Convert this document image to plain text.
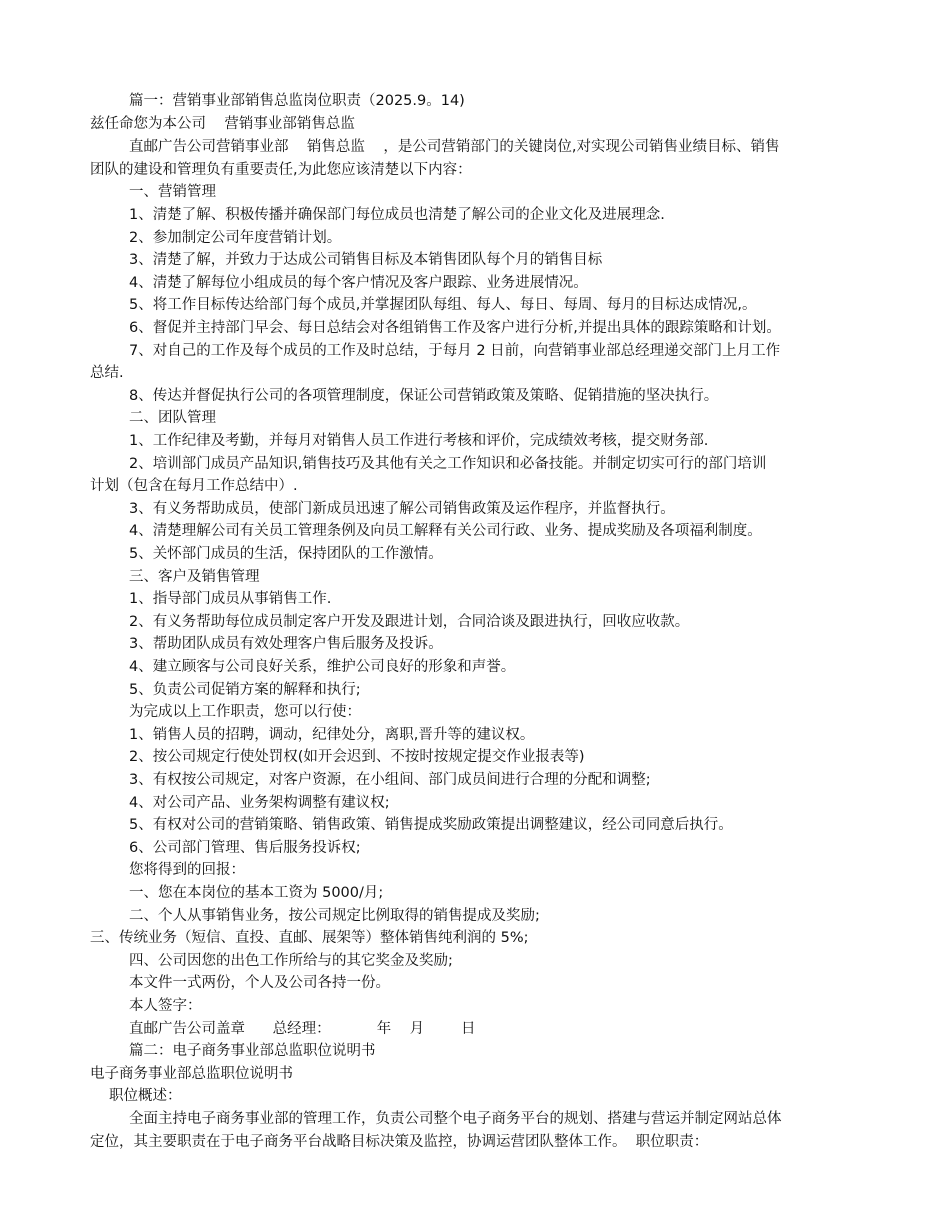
篇一：营销事业部销售总监岗位职责（2025.9。14)
兹任命您为本公司    营销事业部销售总监
直邮广告公司营销事业部    销售总监    ，是公司营销部门的关键岗位,对实现公司销售业绩目标、销售
团队的建设和管理负有重要责任,为此您应该清楚以下内容：
一、营销管理
1、清楚了解、积极传播并确保部门每位成员也清楚了解公司的企业文化及进展理念.
2、参加制定公司年度营销计划。
3、清楚了解，并致力于达成公司销售目标及本销售团队每个月的销售目标
4、清楚了解每位小组成员的每个客户情况及客户跟踪、业务进展情况。
5、将工作目标传达给部门每个成员,并掌握团队每组、每人、每日、每周、每月的目标达成情况,。
6、督促并主持部门早会、每日总结会对各组销售工作及客户进行分析,并提出具体的跟踪策略和计划。
7、对自己的工作及每个成员的工作及时总结，于每月 2 日前，向营销事业部总经理递交部门上月工作
总结.
8、传达并督促执行公司的各项管理制度，保证公司营销政策及策略、促销措施的坚决执行。
二、团队管理
1、工作纪律及考勤，并每月对销售人员工作进行考核和评价，完成绩效考核，提交财务部.
2、培训部门成员产品知识,销售技巧及其他有关之工作知识和必备技能。并制定切实可行的部门培训
计划（包含在每月工作总结中）.
3、有义务帮助成员，使部门新成员迅速了解公司销售政策及运作程序，并监督执行。
4、清楚理解公司有关员工管理条例及向员工解释有关公司行政、业务、提成奖励及各项福利制度。
5、关怀部门成员的生活，保持团队的工作激情。
三、客户及销售管理
1、指导部门成员从事销售工作.
2、有义务帮助每位成员制定客户开发及跟进计划，合同洽谈及跟进执行，回收应收款。
3、帮助团队成员有效处理客户售后服务及投诉。
4、建立顾客与公司良好关系，维护公司良好的形象和声誉。
5、负责公司促销方案的解释和执行;
为完成以上工作职责，您可以行使：
1、销售人员的招聘，调动，纪律处分，离职,晋升等的建议权。
2、按公司规定行使处罚权(如开会迟到、不按时按规定提交作业报表等)
3、有权按公司规定，对客户资源，在小组间、部门成员间进行合理的分配和调整;
4、对公司产品、业务架构调整有建议权;
5、有权对公司的营销策略、销售政策、销售提成奖励政策提出调整建议，经公司同意后执行。
6、公司部门管理、售后服务投诉权;
您将得到的回报：
一、您在本岗位的基本工资为 5000/月;
二、个人从事销售业务，按公司规定比例取得的销售提成及奖励;
三、传统业务（短信、直投、直邮、展架等）整体销售纯利润的 5%;
四、公司因您的出色工作所给与的其它奖金及奖励;
本文件一式两份，个人及公司各持一份。
本人签字：
直邮广告公司盖章      总经理：          年    月        日
篇二：电子商务事业部总监职位说明书
电子商务事业部总监职位说明书
职位概述：
全面主持电子商务事业部的管理工作，负责公司整个电子商务平台的规划、搭建与营运并制定网站总体
定位，其主要职责在于电子商务平台战略目标决策及监控，协调运营团队整体工作。  职位职责：
